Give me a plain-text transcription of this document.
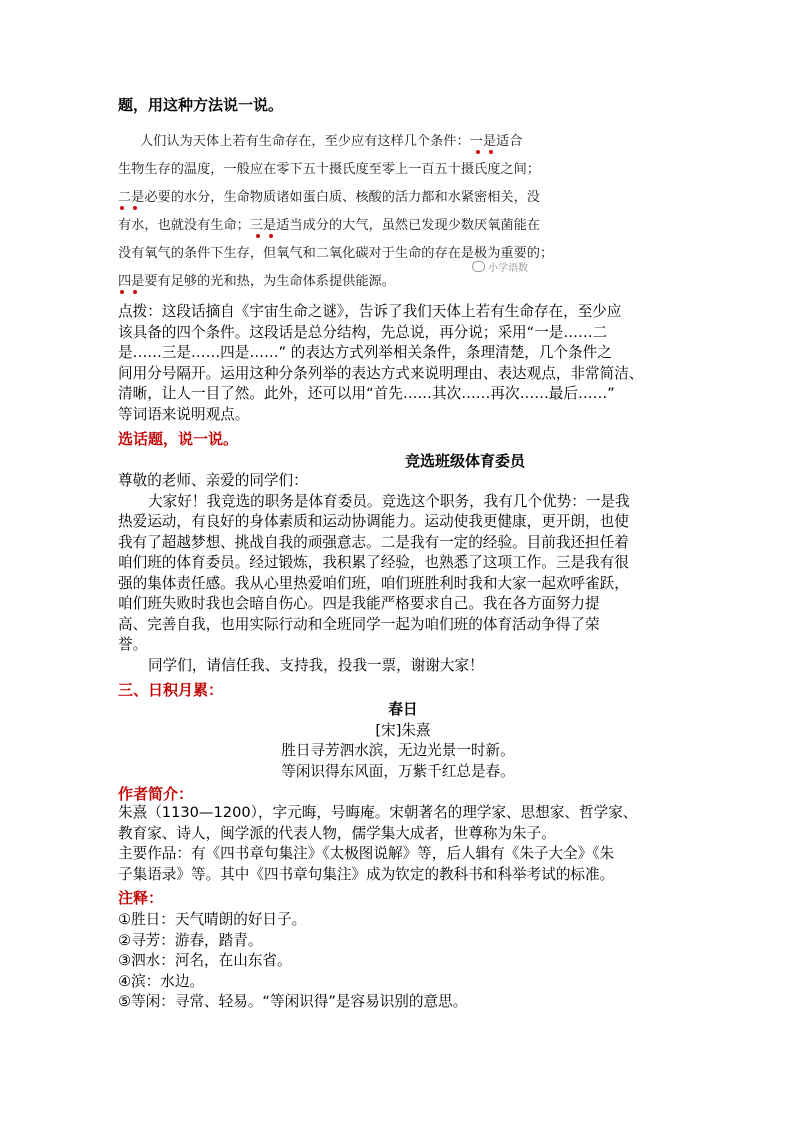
题，用这种方法说一说。
人们认为天体上若有生命存在，至少应有这样几个条件：一是适合
生物生存的温度，一般应在零下五十摄氏度至零上一百五十摄氏度之间；
二是必要的水分，生命物质诸如蛋白质、核酸的活力都和水紧密相关，没
有水，也就没有生命；三是适当成分的大气，虽然已发现少数厌氧菌能在
没有氧气的条件下生存，但氧气和二氧化碳对于生命的存在是极为重要的；
四是要有足够的光和热，为生命体系提供能源。
小学语数
点拨：这段话摘自《宇宙生命之谜》，告诉了我们天体上若有生命存在，至少应
该具备的四个条件。这段话是总分结构，先总说，再分说；采用“一是……二
是……三是……四是……” 的表达方式列举相关条件，条理清楚，几个条件之
间用分号隔开。运用这种分条列举的表达方式来说明理由、表达观点，非常简洁、
清晰，让人一目了然。此外，还可以用“首先……其次……再次……最后……”
等词语来说明观点。
选话题，说一说。
竞选班级体育委员
尊敬的老师、亲爱的同学们：
大家好！我竞选的职务是体育委员。竞选这个职务，我有几个优势：一是我
热爱运动，有良好的身体素质和运动协调能力。运动使我更健康，更开朗，也使
我有了超越梦想、挑战自我的顽强意志。二是我有一定的经验。目前我还担任着
咱们班的体育委员。经过锻炼，我积累了经验，也熟悉了这项工作。三是我有很
强的集体责任感。我从心里热爱咱们班，咱们班胜利时我和大家一起欢呼雀跃，
咱们班失败时我也会暗自伤心。四是我能严格要求自己。我在各方面努力提
高、完善自我，也用实际行动和全班同学一起为咱们班的体育活动争得了荣
誉。
同学们，请信任我、支持我，投我一票，谢谢大家！
三、日积月累：
春日
[宋]朱熹
胜日寻芳泗水滨，无边光景一时新。
等闲识得东风面，万紫千红总是春。
作者简介：
朱熹（1130—1200），字元晦，号晦庵。宋朝著名的理学家、思想家、哲学家、
教育家、诗人，闽学派的代表人物，儒学集大成者，世尊称为朱子。
主要作品：有《四书章句集注》《太极图说解》等，后人辑有《朱子大全》《朱
子集语录》等。其中《四书章句集注》成为钦定的教科书和科举考试的标准。
注释：
①胜日：天气晴朗的好日子。
②寻芳：游春，踏青。
③泗水：河名，在山东省。
④滨：水边。
⑤等闲：寻常、轻易。“等闲识得”是容易识别的意思。
